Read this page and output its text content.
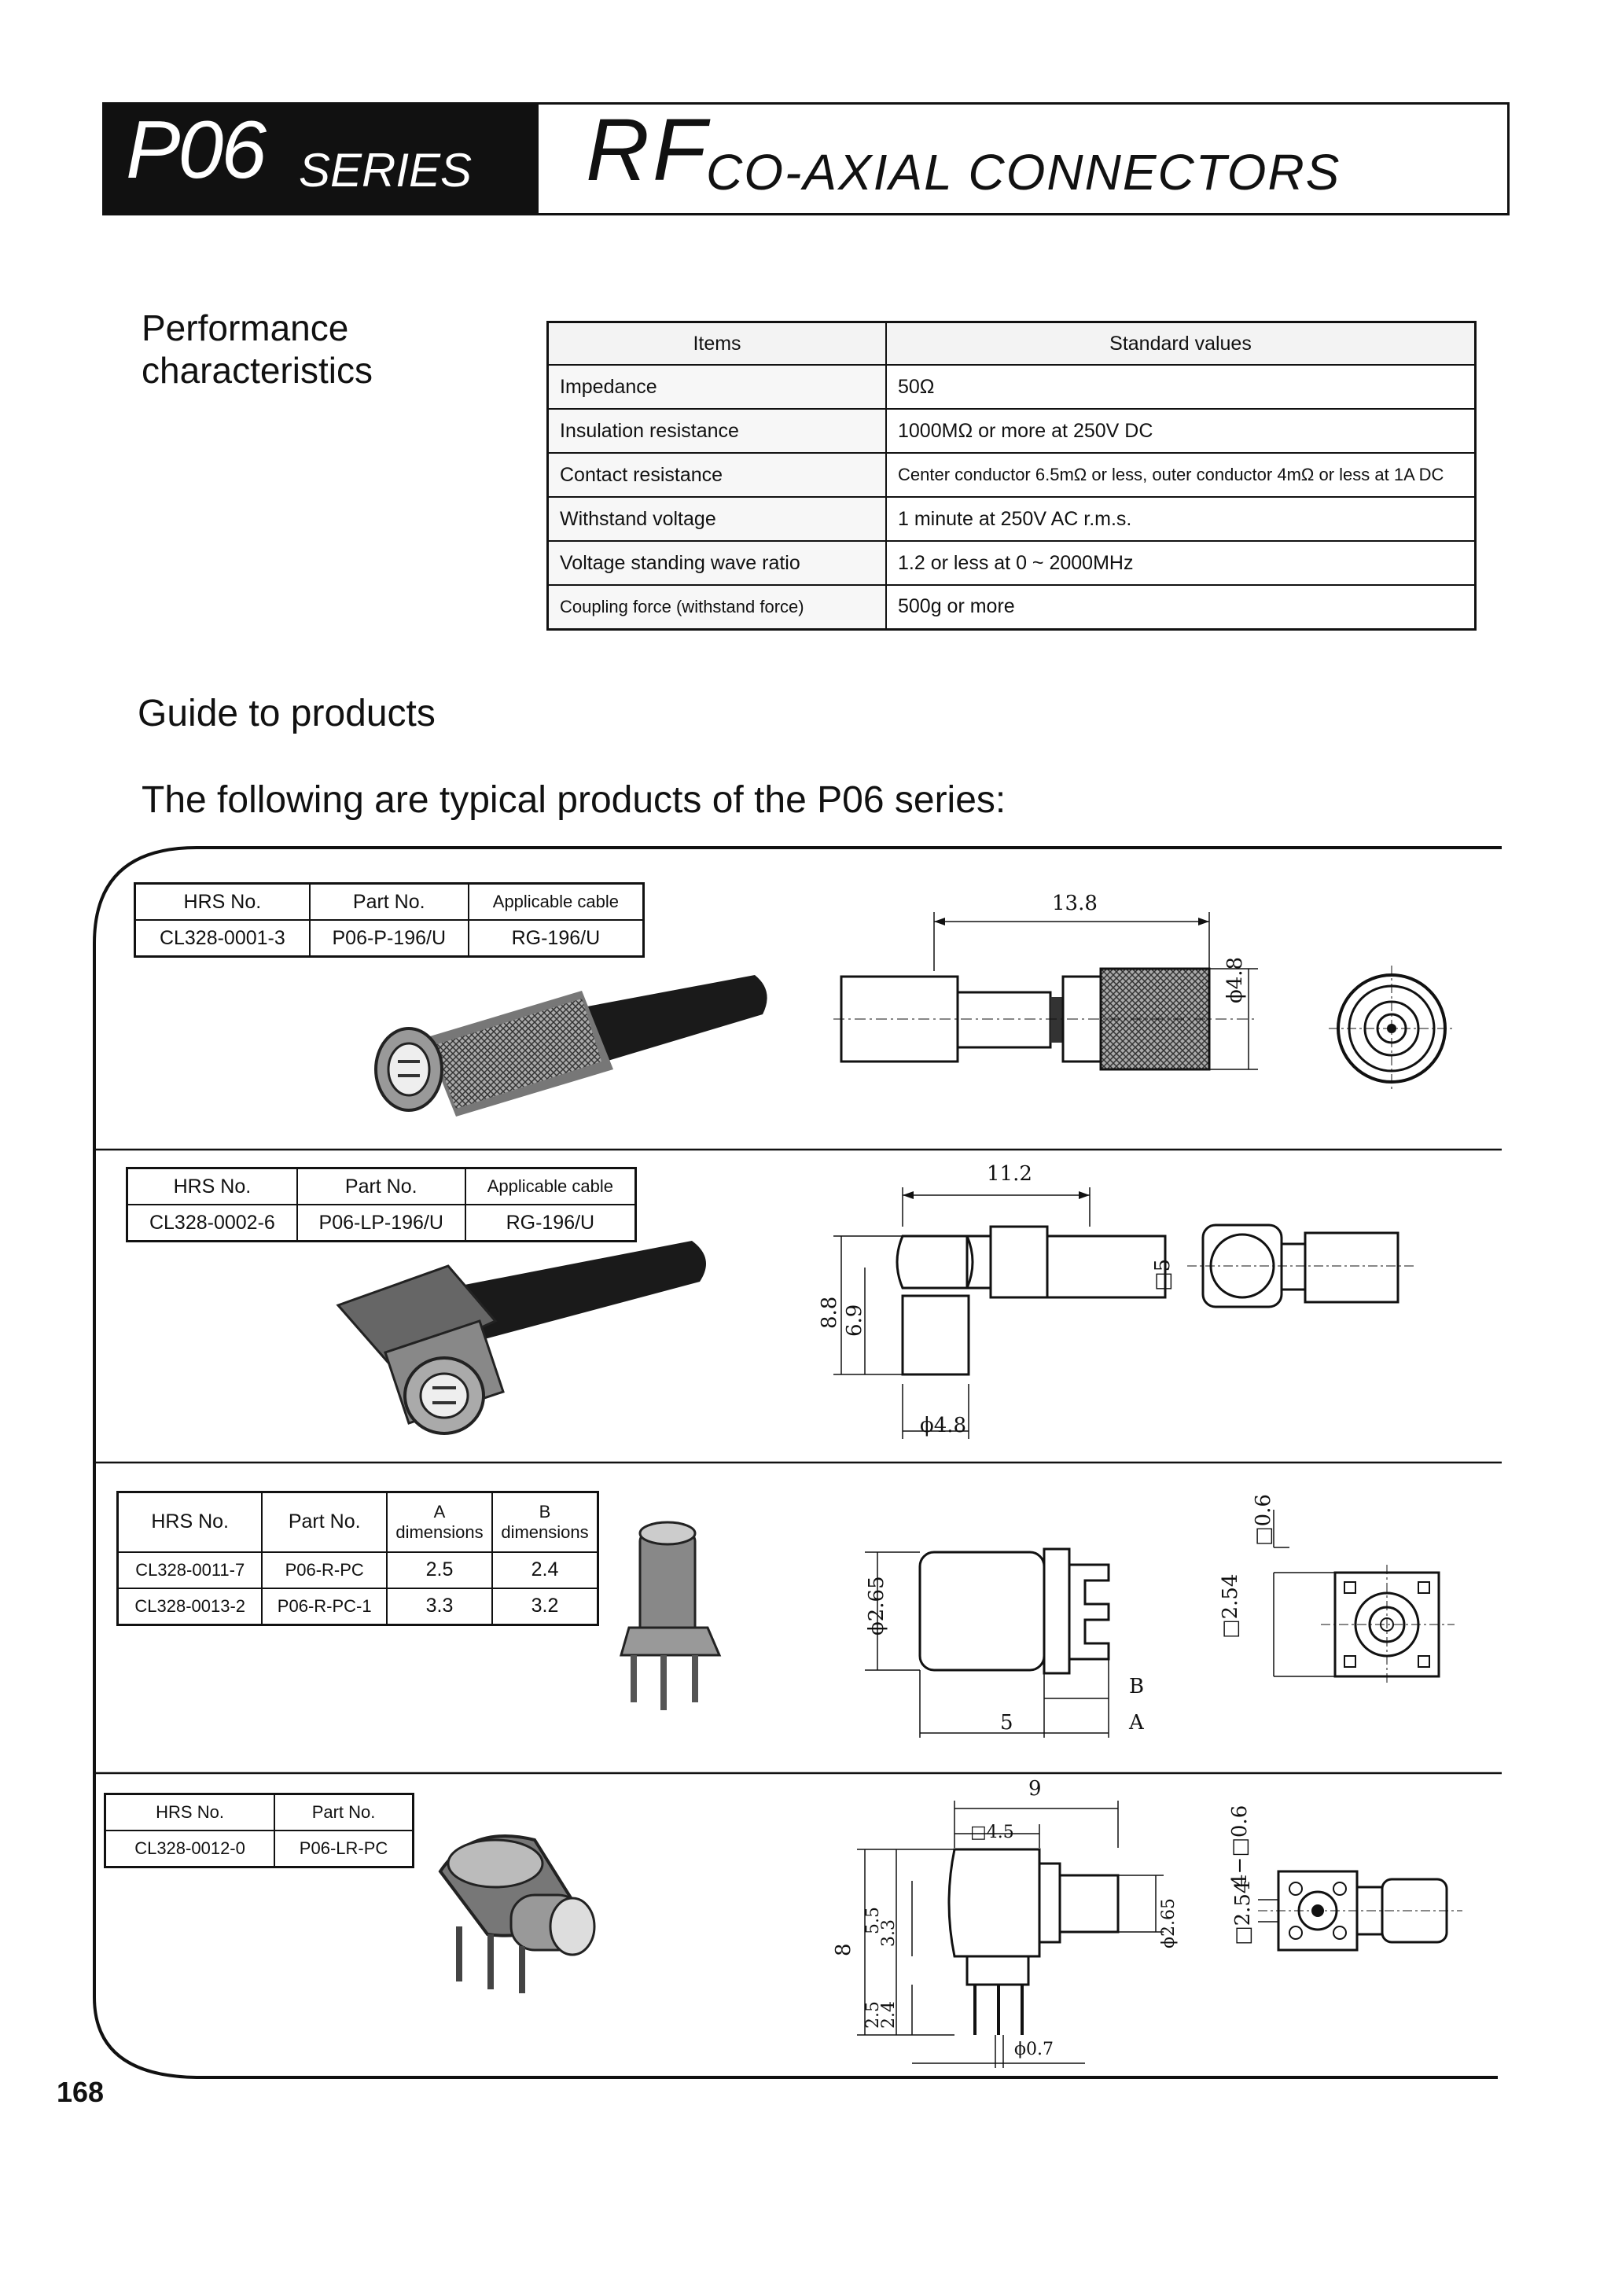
P06 SERIES RF
CO-AXIAL CONNECTORS
Performance
characteristics
Items	Standard values
Impedance	50Ω
Insulation resistance	1000MΩ or more at 250V DC
Contact resistance	Center conductor 6.5mΩ or less, outer conductor 4mΩ or less at 1A DC
Withstand voltage	1 minute at 250V AC r.m.s.
Voltage standing wave ratio	1.2 or less at 0 ~ 2000MHz
Coupling force (withstand force)	500g or more
Guide to products
The following are typical products of the P06 series:
HRS No.	Part No.	Applicable cable
CL328-0001-3	P06-P-196/U	RG-196/U
13.8
ϕ4.8
HRS No.	Part No.	Applicable cable
CL328-0002-6	P06-LP-196/U	RG-196/U
11.2
8.8 6.9
ϕ4.8
□5
HRS No.	Part No.	A dimensions	B dimensions
CL328-0011-7	P06-R-PC	2.5	2.4
CL328-0013-2	P06-R-PC-1	3.3	3.2	ϕ2.65
5
B
A
□0.6
□2.54
HRS No.	Part No.
CL328-0012-0	P06-LR-PC
9
□4.5
8
5.5
3.3
2.5
2.4
ϕ2.65	□2.54
4−□0.6
ϕ0.7
168
